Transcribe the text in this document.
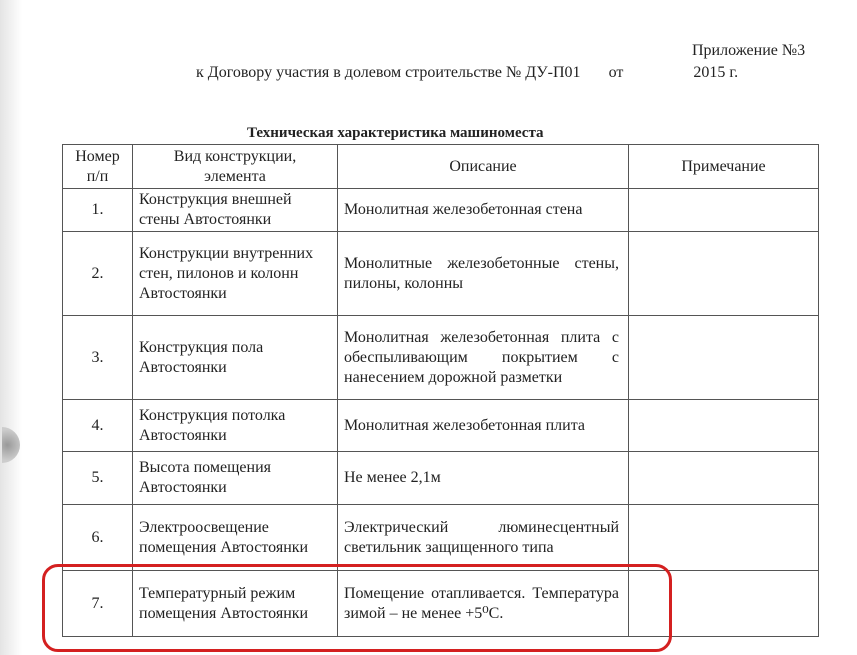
Приложение №3
к Договору участия в долевом строительстве № ДУ-П01 от	2015 г.
Техническая характеристика машиноместа
Номер п/п
Вид конструкции, элемента
Описание	Примечание
1.
Конструкция внешней стены Автостоянки
Монолитная железобетонная стена
2.
Конструкции внутренних стен, пилонов и колонн Автостоянки
Монолитные железобетонные стены, пилоны, колонны
3.
Конструкция пола Автостоянки
Монолитная железобетонная плита с обеспыливающим покрытием с нанесением дорожной разметки
4.
Конструкция потолка Автостоянки
Монолитная железобетонная плита
5.
Высота помещения Автостоянки
Не менее 2,1м
6.
Электроосвещение помещения Автостоянки
Электрический люминесцентный светильник защищенного типа
7.
Температурный режим помещения Автостоянки
Помещение отапливается. Температура зимой – не менее +5⁰С.
